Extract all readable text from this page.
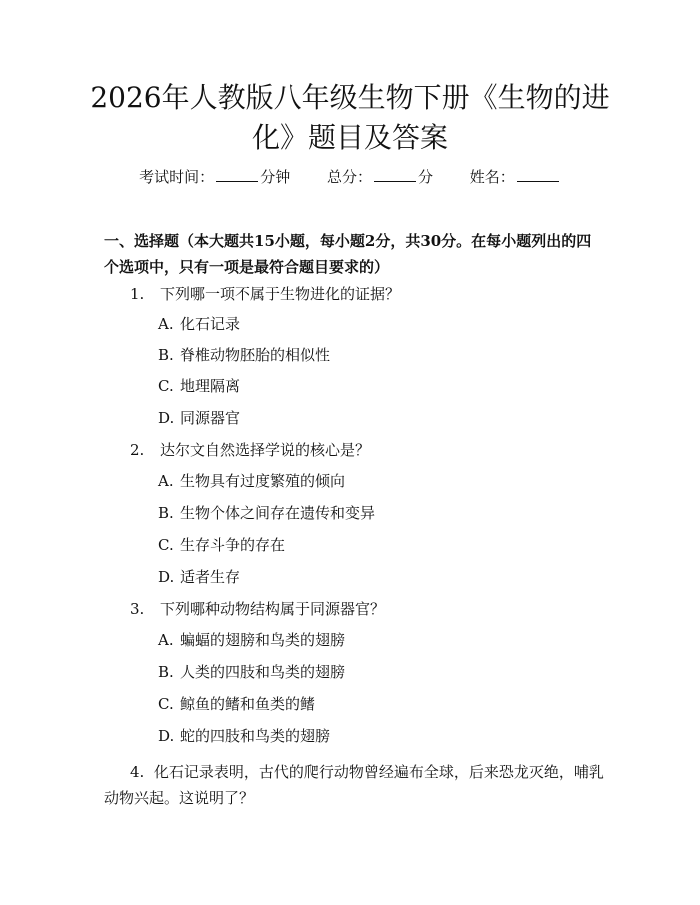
2026年人教版八年级生物下册《生物的进
化》题目及答案
考试时间：	分钟 总分：	分 姓名：
一、选择题（本大题共15小题，每小题2分，共30分。在每小题列出的四个选项中，只有一项是最符合题目要求的）
1. 下列哪一项不属于生物进化的证据？
A. 化石记录
B. 脊椎动物胚胎的相似性
C. 地理隔离
D. 同源器官
2. 达尔文自然选择学说的核心是？
A. 生物具有过度繁殖的倾向
B. 生物个体之间存在遗传和变异
C. 生存斗争的存在
D. 适者生存
3. 下列哪种动物结构属于同源器官？
A. 蝙蝠的翅膀和鸟类的翅膀
B. 人类的四肢和鸟类的翅膀
C. 鲸鱼的鳍和鱼类的鳍
D. 蛇的四肢和鸟类的翅膀
4. 化石记录表明，古代的爬行动物曾经遍布全球，后来恐龙灭绝，哺乳动物兴起。这说明了？
